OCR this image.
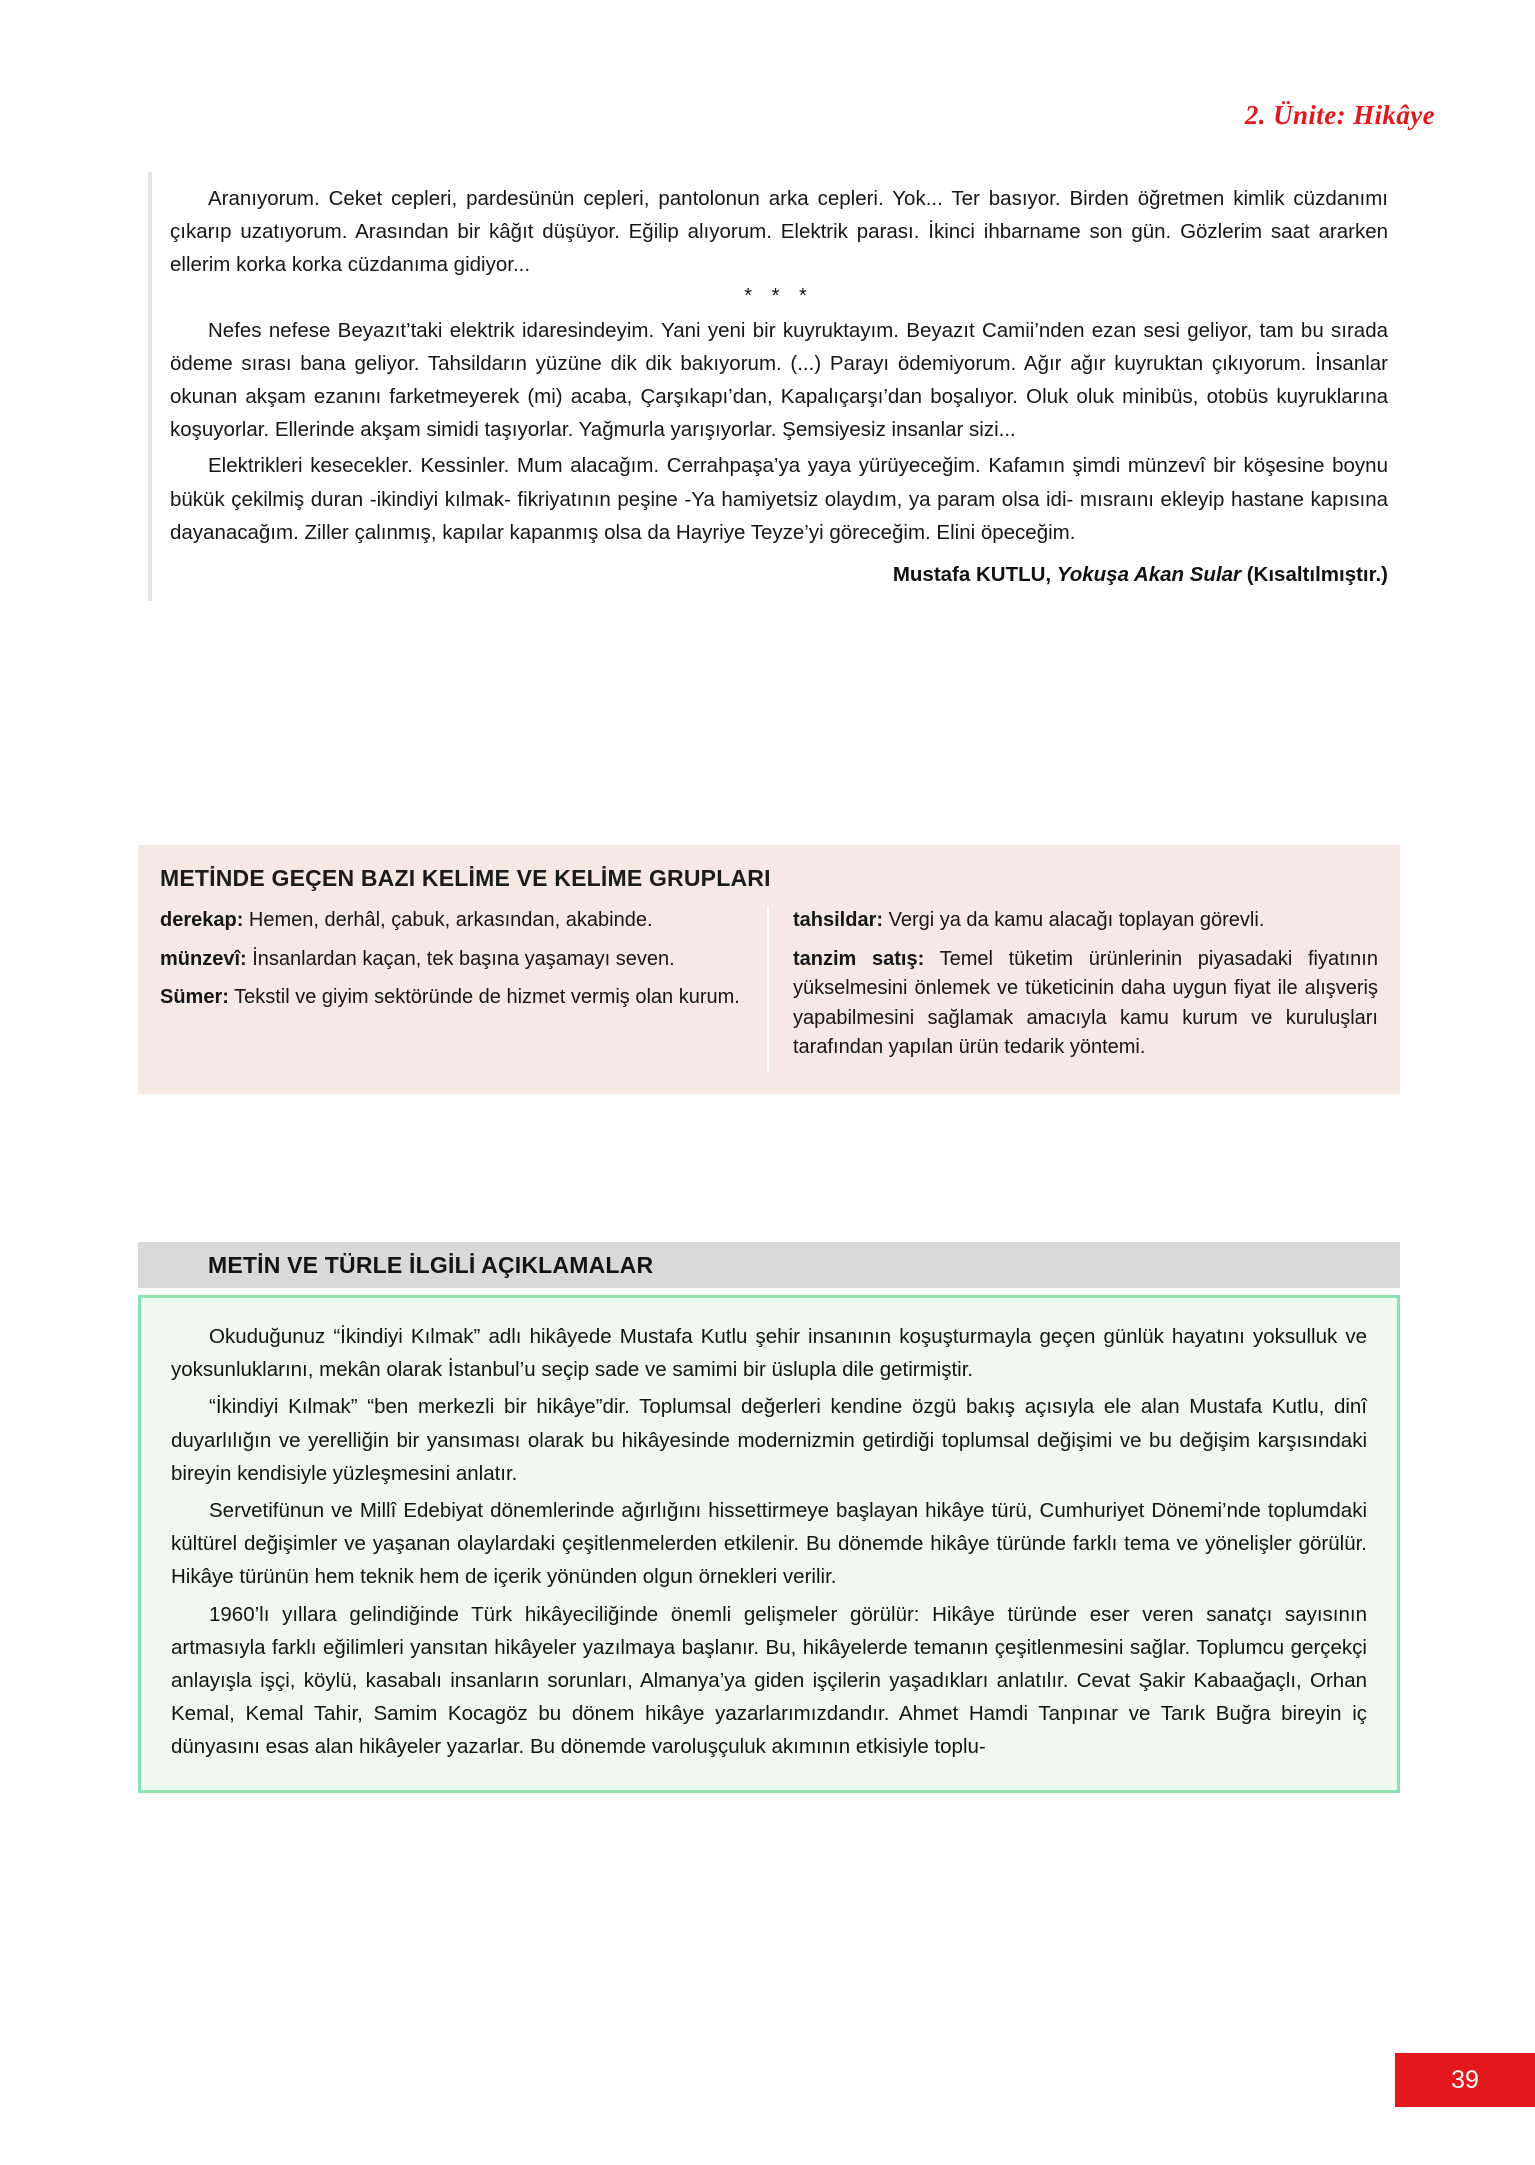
2. Ünite: Hikâye

Aranıyorum. Ceket cepleri, pardesünün cepleri, pantolonun arka cepleri. Yok... Ter basıyor. Birden öğretmen kimlik cüzdanımı çıkarıp uzatıyorum. Arasından bir kâğıt düşüyor. Eğilip alıyorum. Elektrik parası. İkinci ihbarname son gün. Gözlerim saat ararken ellerim korka korka cüzdanıma gidiyor...

* * *

Nefes nefese Beyazıt’taki elektrik idaresindeyim. Yani yeni bir kuyruktayım. Beyazıt Camii’nden ezan sesi geliyor, tam bu sırada ödeme sırası bana geliyor. Tahsildarın yüzüne dik dik bakıyorum. (...) Parayı ödemiyorum. Ağır ağır kuyruktan çıkıyorum. İnsanlar okunan akşam ezanını farketmeyerek (mi) acaba, Çarşıkapı’dan, Kapalıçarşı’dan boşalıyor. Oluk oluk minibüs, otobüs kuyruklarına koşuyorlar. Ellerinde akşam simidi taşıyorlar. Yağmurla yarışıyorlar. Şemsiyesiz insanlar sizi...

Elektrikleri kesecekler. Kessinler. Mum alacağım. Cerrahpaşa’ya yaya yürüyeceğim. Kafamın şimdi münzevî bir köşesine boynu bükük çekilmiş duran -ikindiyi kılmak- fikriyatının peşine -Ya hamiyetsiz olaydım, ya param olsa idi- mısraını ekleyip hastane kapısına dayanacağım. Ziller çalınmış, kapılar kapanmış olsa da Hayriye Teyze’yi göreceğim. Elini öpeceğim.

Mustafa KUTLU, Yokuşa Akan Sular (Kısaltılmıştır.)
METİNDE GEÇEN BAZI KELİME VE KELİME GRUPLARI
derekap: Hemen, derhâl, çabuk, arkasından, akabinde.
münzevî: İnsanlardan kaçan, tek başına yaşamayı seven.
Sümer: Tekstil ve giyim sektöründe de hizmet vermiş olan kurum.
tahsildar: Vergi ya da kamu alacağı toplayan görevli.
tanzim satış: Temel tüketim ürünlerinin piyasadaki fiyatının yükselmesini önlemek ve tüketicinin daha uygun fiyat ile alışveriş yapabilmesini sağlamak amacıyla kamu kurum ve kuruluşları tarafından yapılan ürün tedarik yöntemi.
METİN VE TÜRLE İLGİLİ AÇIKLAMALAR

Okuduğunuz “İkindiyi Kılmak” adlı hikâyede Mustafa Kutlu şehir insanının koşuşturmayla geçen günlük hayatını yoksulluk ve yoksunluklarını, mekân olarak İstanbul’u seçip sade ve samimi bir üslupla dile getirmiştir.

“İkindiyi Kılmak” “ben merkezli bir hikâye”dir. Toplumsal değerleri kendine özgü bakış açısıyla ele alan Mustafa Kutlu, dinî duyarlılığın ve yerelliğin bir yansıması olarak bu hikâyesinde modernizmin getirdiği toplumsal değişimi ve bu değişim karşısındaki bireyin kendisiyle yüzleşmesini anlatır.

Servetifünun ve Millî Edebiyat dönemlerinde ağırlığını hissettirmeye başlayan hikâye türü, Cumhuriyet Dönemi’nde toplumdaki kültürel değişimler ve yaşanan olaylardaki çeşitlenmelerden etkilenir. Bu dönemde hikâye türünde farklı tema ve yönelişler görülür. Hikâye türünün hem teknik hem de içerik yönünden olgun örnekleri verilir.

1960’lı yıllara gelindiğinde Türk hikâyeciliğinde önemli gelişmeler görülür: Hikâye türünde eser veren sanatçı sayısının artmasıyla farklı eğilimleri yansıtan hikâyeler yazılmaya başlanır. Bu, hikâyelerde temanın çeşitlenmesini sağlar. Toplumcu gerçekçi anlayışla işçi, köylü, kasabalı insanların sorunları, Almanya’ya giden işçilerin yaşadıkları anlatılır. Cevat Şakir Kabaağaçlı, Orhan Kemal, Kemal Tahir, Samim Kocagöz bu dönem hikâye yazarlarımızdandır. Ahmet Hamdi Tanpınar ve Tarık Buğra bireyin iç dünyasını esas alan hikâyeler yazarlar. Bu dönemde varoluşçuluk akımının etkisiyle toplu-

39
